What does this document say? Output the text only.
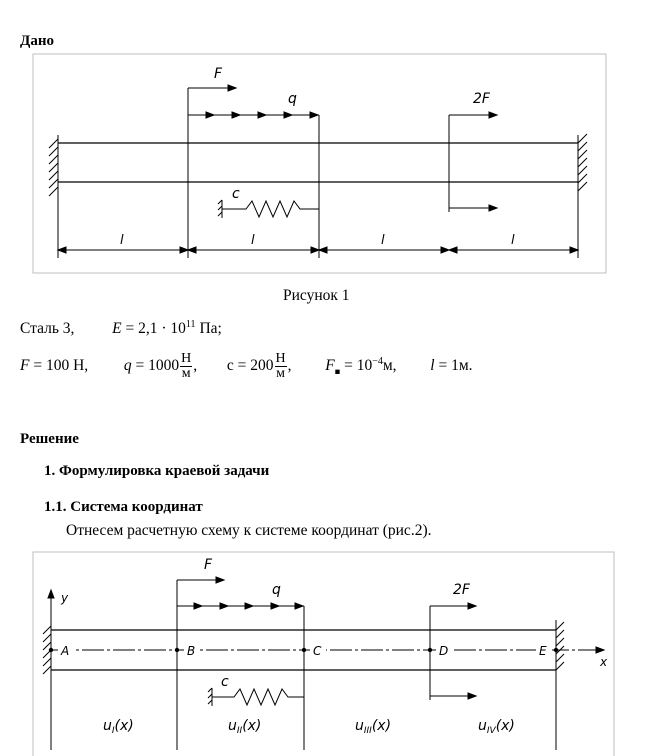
Дано
F
q	2F
c
l	l	l	l
Рисунок 1
Сталь 3, $E = 2,1 \cdot 10^{11}$ Па;
F = 100 Н, $q = 1000 \frac{Н}{м}$ , $c = 200 \frac{Н}{м}$ , $F_■ = 10^{-4}м$, l = 1м.
Решение
1. Формулировка краевой задачи
1.1. Система координат
Отнесем расчетную схему к системе координат (рис.2).
y
x
A	B	C	D	E
F
q	2F
c
$u_I(x)$	$u_{II}(x)$	$u_{III}(x)$	$u_{IV}(x)$
